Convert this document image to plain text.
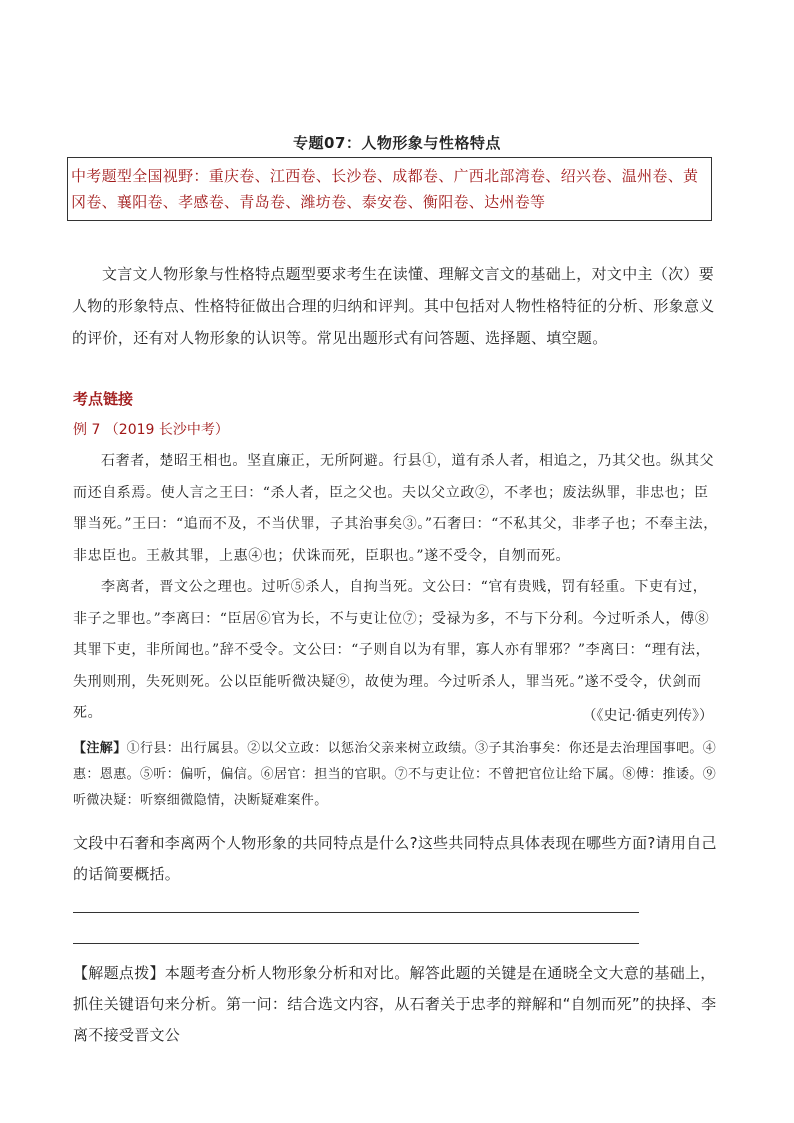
专题07：人物形象与性格特点
中考题型全国视野：重庆卷、江西卷、长沙卷、成都卷、广西北部湾卷、绍兴卷、温州卷、黄冈卷、襄阳卷、孝感卷、青岛卷、潍坊卷、泰安卷、衡阳卷、达州卷等
文言文人物形象与性格特点题型要求考生在读懂、理解文言文的基础上，对文中主（次）要人物的形象特点、性格特征做出合理的归纳和评判。其中包括对人物性格特征的分析、形象意义的评价，还有对人物形象的认识等。常见出题形式有问答题、选择题、填空题。
考点链接
例 7 （2019 长沙中考）

石奢者，楚昭王相也。坚直廉正，无所阿避。行县①，道有杀人者，相追之，乃其父也。纵其父而还自系焉。使人言之王曰：“杀人者，臣之父也。夫以父立政②，不孝也；废法纵罪，非忠也；臣罪当死。”王曰：“追而不及，不当伏罪，子其治事矣③。”石奢曰：“不私其父，非孝子也；不奉主法，非忠臣也。王赦其罪，上惠④也；伏诛而死，臣职也。”遂不受令，自刎而死。

李离者，晋文公之理也。过听⑤杀人，自拘当死。文公曰：“官有贵贱，罚有轻重。下吏有过，非子之罪也。”李离曰：“臣居⑥官为长，不与吏让位⑦；受禄为多，不与下分利。今过听杀人，傅⑧其罪下吏，非所闻也。”辞不受令。文公曰：“子则自以为有罪，寡人亦有罪邪？”李离曰：“理有法，失刑则刑，失死则死。公以臣能听微决疑⑨，故使为理。今过听杀人，罪当死。”遂不受令，伏剑而死。	（《史记·循吏列传》）
【注解】①行县：出行属县。②以父立政：以惩治父亲来树立政绩。③子其治事矣：你还是去治理国事吧。④惠：恩惠。⑤听：偏听，偏信。⑥居官：担当的官职。⑦不与吏让位：不曾把官位让给下属。⑧傅：推诿。⑨听微决疑：听察细微隐情，决断疑难案件。
文段中石奢和李离两个人物形象的共同特点是什么?这些共同特点具体表现在哪些方面?请用自己的话简要概括。
【解题点拨】本题考查分析人物形象分析和对比。解答此题的关键是在通晓全文大意的基础上，抓住关键语句来分析。第一问：结合选文内容，从石奢关于忠孝的辩解和“自刎而死”的抉择、李离不接受晋文公
